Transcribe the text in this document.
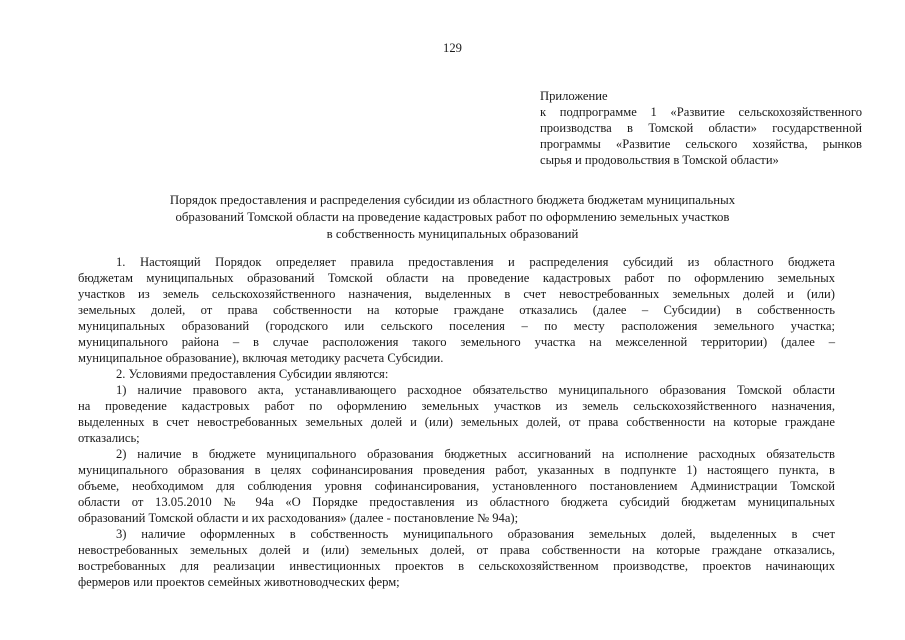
129
Приложение
к подпрограмме 1 «Развитие сельскохозяйственного
производства в Томской области» государственной
программы «Развитие сельского хозяйства, рынков
сырья и продовольствия в Томской области»
Порядок предоставления и распределения субсидии из областного бюджета бюджетам муниципальных
образований Томской области на проведение кадастровых работ по оформлению земельных участков
в собственность муниципальных образований
1. Настоящий Порядок определяет правила предоставления и распределения субсидий из областного бюджета
бюджетам муниципальных образований Томской области на проведение кадастровых работ по оформлению земельных
участков из земель сельскохозяйственного назначения, выделенных в счет невостребованных земельных долей и (или)
земельных долей, от права собственности на которые граждане отказались (далее – Субсидии) в собственность
муниципальных образований (городского или сельского поселения – по месту расположения земельного участка;
муниципального района – в случае расположения такого земельного участка на межселенной территории) (далее –
муниципальное образование), включая методику расчета Субсидии.
2. Условиями предоставления Субсидии являются:
1) наличие правового акта, устанавливающего расходное обязательство муниципального образования Томской области
на проведение кадастровых работ по оформлению земельных участков из земель сельскохозяйственного назначения,
выделенных в счет невостребованных земельных долей и (или) земельных долей, от права собственности на которые граждане
отказались;
2) наличие в бюджете муниципального образования бюджетных ассигнований на исполнение расходных обязательств
муниципального образования в целях софинансирования проведения работ, указанных в подпункте 1) настоящего пункта, в
объеме, необходимом для соблюдения уровня софинансирования, установленного постановлением Администрации Томской
области от 13.05.2010 № 94а «О Порядке предоставления из областного бюджета субсидий бюджетам муниципальных
образований Томской области и их расходования» (далее - постановление № 94а);
3) наличие оформленных в собственность муниципального образования земельных долей, выделенных в счет
невостребованных земельных долей и (или) земельных долей, от права собственности на которые граждане отказались,
востребованных для реализации инвестиционных проектов в сельскохозяйственном производстве, проектов начинающих
фермеров или проектов семейных животноводческих ферм;
